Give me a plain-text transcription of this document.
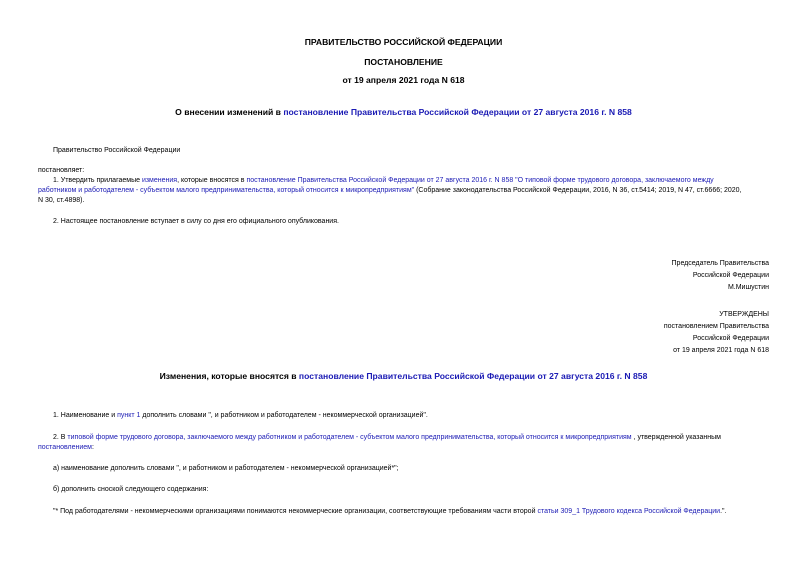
ПРАВИТЕЛЬСТВО РОССИЙСКОЙ ФЕДЕРАЦИИ
ПОСТАНОВЛЕНИЕ
от 19 апреля 2021 года N 618
О внесении изменений в постановление Правительства Российской Федерации от 27 августа 2016 г. N 858
Правительство Российской Федерации
постановляет:
1. Утвердить прилагаемые изменения, которые вносятся в постановление Правительства Российской Федерации от 27 августа 2016 г. N 858 "О типовой форме трудового договора, заключаемого между
работником и работодателем - субъектом малого предпринимательства, который относится к микропредприятиям" (Собрание законодательства Российской Федерации, 2016, N 36, ст.5414; 2019, N 47, ст.6666; 2020,
N 30, ст.4898).
2. Настоящее постановление вступает в силу со дня его официального опубликования.
Председатель Правительства
Российской Федерации
М.Мишустин
УТВЕРЖДЕНЫ
постановлением Правительства
Российской Федерации
от 19 апреля 2021 года N 618
Изменения, которые вносятся в постановление Правительства Российской Федерации от 27 августа 2016 г. N 858
1. Наименование и пункт 1 дополнить словами ", и работником и работодателем - некоммерческой организацией".
2. В типовой форме трудового договора, заключаемого между работником и работодателем - субъектом малого предпринимательства, который относится к микропредприятиям , утвержденной указанным
постановлением:
а) наименование дополнить словами ", и работником и работодателем - некоммерческой организацией*";
б) дополнить сноской следующего содержания:
"* Под работодателями - некоммерческими организациями понимаются некоммерческие организации, соответствующие требованиям части второй статьи 309_1 Трудового кодекса Российской Федерации.".
